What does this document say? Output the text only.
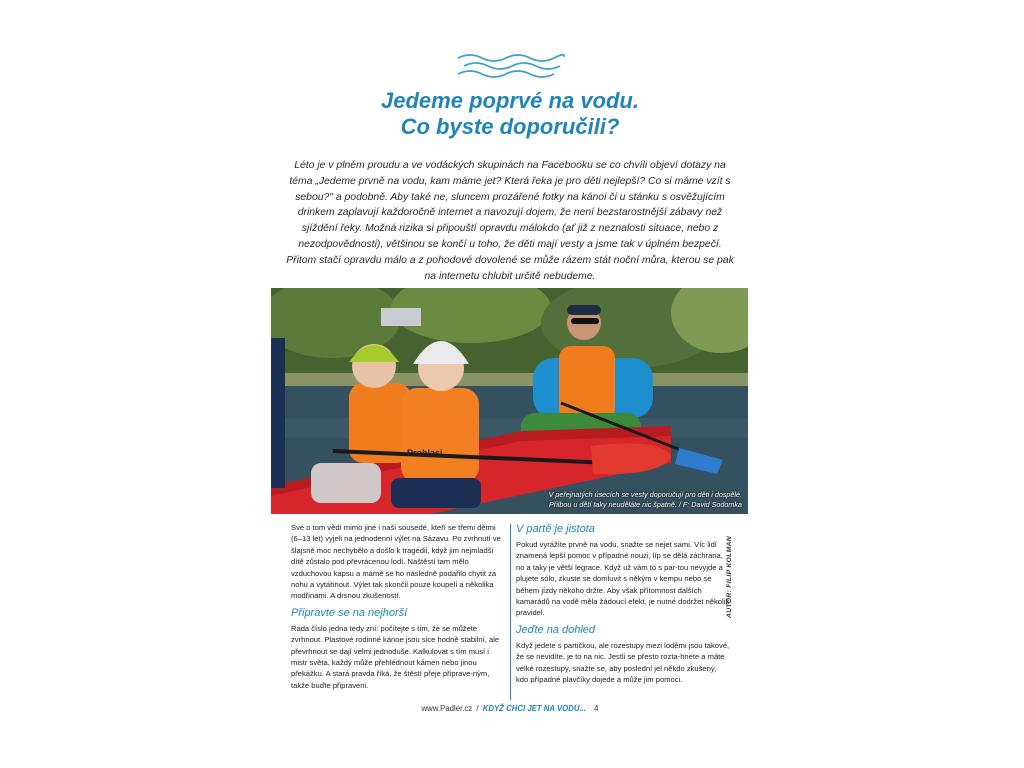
Jedeme poprvé na vodu.
Co byste doporučili?

Léto je v plném proudu a ve vodáckých skupinách na Facebooku se co chvíli objeví dotazy na téma „Jedeme prvně na vodu, kam máme jet? Která řeka je pro děti nejlepší? Co si máme vzít s sebou?" a podobně. Aby také ne, sluncem prozářené fotky na kánoi či u stánku s osvěžujícím drinkem zaplavují každoročně internet a navozují dojem, že není bezstarostnější zábavy než sjíždění řeky. Možná rizika si připouští opravdu málokdo (ať již z neznalosti situace, nebo z nezodpovědnosti), většinou se končí u toho, že děti mají vesty a jsme tak v úplném bezpečí. Přitom stačí opravdu málo a z pohodové dovolené se může rázem stát noční můra, kterou se pak na internetu chlubit určitě nebudeme.

Prohlasi
V peřejnatých úsecích se vesty doporučují pro děti i dospělé.
Přilbou u dětí taky neuděláte nic špatně. / F: David Sodomka

Své o tom vědí mimo jiné i naši sousedé, kteří se třemi dětmi (6–13 let) vyjeli na jednodenní výlet na Sázavu. Po zvrhnutí ve šlajsně moc nechybělo a došlo k tragédii, když jim nejmladší dítě zůstalo pod převrácenou lodí. Naštěstí tam mělo vzduchovou kapsu a mámě se ho následně podařilo chytit za nohu a vytáhnout. Výlet tak skončil pouze koupelí a několika modřinami. A drsnou zkušeností.

Připravte se na nejhorší

Rada číslo jedna tedy zní: počítejte s tím, že se můžete zvrhnout. Plastové rodinné kánoe jsou sice hodně stabilní, ale převrhnout se dají velmi jednoduše. Kalkulovat s tím musí i mistr světa, každý může přehlédnout kámen nebo jinou překážku. A stará pravda říká, že štěstí přeje připrave-ným, takže buďte připraveni.

V partě je jistota

Pokud vyrážíte prvně na vodu, snažte se nejet sami. Víc lidí znamená lepší pomoc v případné nouzi, líp se dělá záchrana, no a taky je větší legrace. Když už vám to s par-tou nevyjde a plujete sólo, zkuste se domluvit s někým v kempu nebo se během jízdy někoho držte. Aby však přítomnost dalších kamarádů na vodě měla žádoucí efekt, je nutné dodržet několik pravidel.

Jeďte na dohled

Když jedete s partičkou, ale rozestupy mezi loděmi jsou takové, že se nevidíte, je to na nic. Jestli se přesto rozta-hnete a máte velké rozestupy, snažte se, aby poslední jel někdo zkušený, kdo případné plavčíky dojede a může jim pomoci.

AUTOR: FILIP KOLMAN
www.Padler.cz / KDYŽ CHCI JET NA VODU... 4
